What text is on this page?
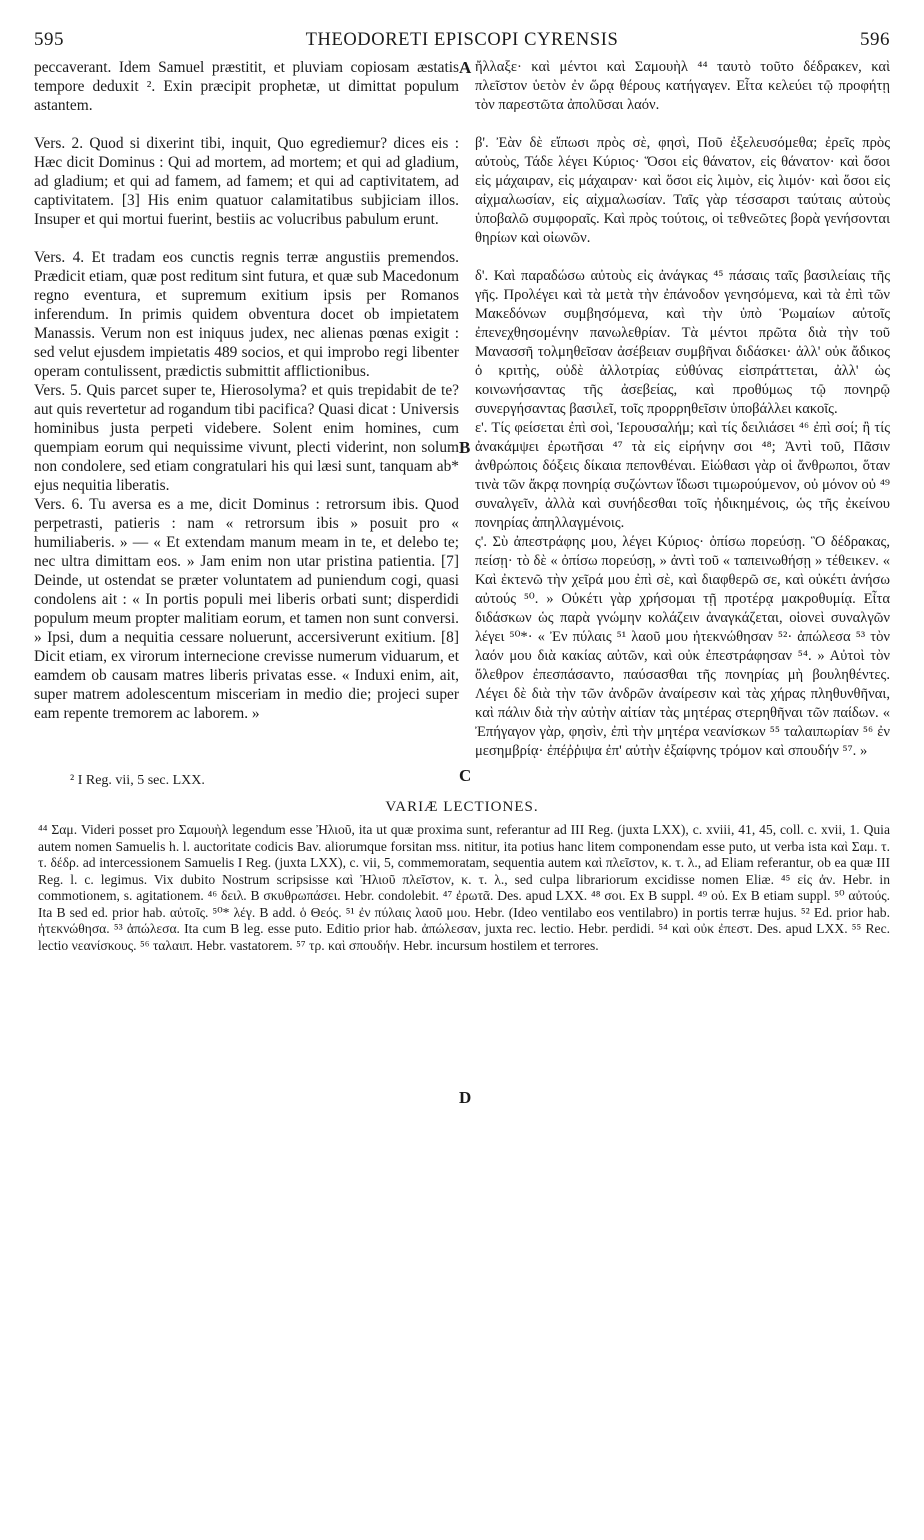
595	THEODORETI EPISCOPI CYRENSIS	596
peccaverant. Idem Samuel præstitit, et pluviam copiosam æstatis tempore deduxit ². Exin præcipit prophetæ, ut dimittat populum astantem.
Vers. 2. Quod si dixerint tibi, inquit, Quo egrediemur? dices eis : Hæc dicit Dominus : Qui ad mortem, ad mortem; et qui ad gladium, ad gladium; et qui ad famem, ad famem; et qui ad captivitatem, ad captivitatem. [3] His enim quatuor calamitatibus subjiciam illos. Insuper et qui mortui fuerint, bestiis ac volucribus pabulum erunt.
Vers. 4. Et tradam eos cunctis regnis terræ angustiis premendos. Prædicit etiam, quæ post reditum sint futura, et quæ sub Macedonum regno eventura, et supremum exitium ipsis per Romanos inferendum. In primis quidem obventura docet ob impietatem Manassis. Verum non est iniquus judex, nec alienas pœnas exigit : sed velut ejusdem impietatis 489 socios, et qui improbo regi libenter operam contulissent, prædictis submittit afflictionibus.
Vers. 5. Quis parcet super te, Hierosolyma? et quis trepidabit de te? aut quis revertetur ad rogandum tibi pacifica? Quasi dicat : Universis hominibus justa perpeti videbere. Solent enim homines, cum quempiam eorum qui nequissime vivunt, plecti viderint, non solum non condolere, sed etiam congratulari his qui læsi sunt, tanquam ab* ejus nequitia liberatis.
Vers. 6. Tu aversa es a me, dicit Dominus : retrorsum ibis. Quod perpetrasti, patieris : nam « retrorsum ibis » posuit pro « humiliaberis. » — « Et extendam manum meam in te, et delebo te; nec ultra dimittam eos. » Jam enim non utar pristina patientia. [7] Deinde, ut ostendat se præter voluntatem ad puniendum cogi, quasi condolens ait : « In portis populi mei liberis orbati sunt; disperdidi populum meum propter malitiam eorum, et tamen non sunt conversi. » Ipsi, dum a nequitia cessare noluerunt, accersiverunt exitium. [8] Dicit etiam, ex virorum internecione crevisse numerum viduarum, et eamdem ob causam matres liberis privatas esse. « Induxi enim, ait, super matrem adolescentum misceriam in medio die; projeci super eam repente tremorem ac laborem. »
A
B
C
D
ἤλλαξε· καὶ μέντοι καὶ Σαμουὴλ ⁴⁴ ταυτὸ τοῦτο δέδρακεν, καὶ πλεῖστον ὑετὸν ἐν ὥρᾳ θέρους κατήγαγεν. Εἶτα κελεύει τῷ προφήτῃ τὸν παρεστῶτα ἀπολῦσαι λαόν.
β'. Ἐὰν δὲ εἴπωσι πρὸς σὲ, φησὶ, Ποῦ ἐξελευσόμεθα; ἐρεῖς πρὸς αὐτοὺς, Τάδε λέγει Κύριος· Ὅσοι εἰς θάνατον, εἰς θάνατον· καὶ ὅσοι εἰς μάχαιραν, εἰς μάχαιραν· καὶ ὅσοι εἰς λιμὸν, εἰς λιμόν· καὶ ὅσοι εἰς αἰχμαλωσίαν, εἰς αἰχμαλωσίαν. Ταῖς γὰρ τέσσαρσι ταύταις αὐτοὺς ὑποβαλῶ συμφοραῖς. Καὶ πρὸς τούτοις, οἱ τεθνεῶτες βορὰ γενήσονται θηρίων καὶ οἰωνῶν.
δ'. Καὶ παραδώσω αὐτοὺς εἰς ἀνάγκας ⁴⁵ πάσαις ταῖς βασιλείαις τῆς γῆς. Προλέγει καὶ τὰ μετὰ τὴν ἐπάνοδον γενησόμενα, καὶ τὰ ἐπὶ τῶν Μακεδόνων συμβησόμενα, καὶ τὴν ὑπὸ Ῥωμαίων αὐτοῖς ἐπενεχθησομένην πανωλεθρίαν. Τὰ μέντοι πρῶτα διὰ τὴν τοῦ Μανασσῆ τολμηθεῖσαν ἀσέβειαν συμβῆναι διδάσκει· ἀλλ' οὐκ ἄδικος ὁ κριτὴς, οὐδὲ ἀλλοτρίας εὐθύνας εἰσπράττεται, ἀλλ' ὡς κοινωνήσαντας τῆς ἀσεβείας, καὶ προθύμως τῷ πονηρῷ συνεργήσαντας βασιλεῖ, τοῖς προρρηθεῖσιν ὑποβάλλει κακοῖς.
ε'. Τίς φείσεται ἐπὶ σοὶ, Ἱερουσαλήμ; καὶ τίς δειλιάσει ⁴⁶ ἐπὶ σοί; ἢ τίς ἀνακάμψει ἐρωτῆσαι ⁴⁷ τὰ εἰς εἰρήνην σοι ⁴⁸; Ἀντὶ τοῦ, Πᾶσιν ἀνθρώποις δόξεις δίκαια πεπονθέναι. Εἰώθασι γὰρ οἱ ἄνθρωποι, ὅταν τινὰ τῶν ἄκρᾳ πονηρίᾳ συζώντων ἴδωσι τιμωρούμενον, οὐ μόνον οὐ ⁴⁹ συναλγεῖν, ἀλλὰ καὶ συνήδεσθαι τοῖς ἠδικημένοις, ὡς τῆς ἐκείνου πονηρίας ἀπηλλαγμένοις.
ς'. Σὺ ἀπεστράφης μου, λέγει Κύριος· ὀπίσω πορεύσῃ. Ὃ δέδρακας, πείσῃ· τὸ δὲ « ὀπίσω πορεύσῃ, » ἀντὶ τοῦ « ταπεινωθήσῃ » τέθεικεν. « Καὶ ἐκτενῶ τὴν χεῖρά μου ἐπὶ σὲ, καὶ διαφθερῶ σε, καὶ οὐκέτι ἀνήσω αὐτούς ⁵⁰. » Οὐκέτι γὰρ χρήσομαι τῇ προτέρᾳ μακροθυμίᾳ. Εἶτα διδάσκων ὡς παρὰ γνώμην κολάζειν ἀναγκάζεται, οἱονεὶ συναλγῶν λέγει ⁵⁰*· « Ἐν πύλαις ⁵¹ λαοῦ μου ἠτεκνώθησαν ⁵²· ἀπώλεσα ⁵³ τὸν λαόν μου διὰ κακίας αὐτῶν, καὶ οὐκ ἐπεστράφησαν ⁵⁴. » Αὐτοὶ τὸν ὄλεθρον ἐπεσπάσαντο, παύσασθαι τῆς πονηρίας μὴ βουληθέντες. Λέγει δὲ διὰ τὴν τῶν ἀνδρῶν ἀναίρεσιν καὶ τὰς χήρας πληθυνθῆναι, καὶ πάλιν διὰ τὴν αὐτὴν αἰτίαν τὰς μητέρας στερηθῆναι τῶν παίδων. « Ἐπήγαγον γὰρ, φησὶν, ἐπὶ τὴν μητέρα νεανίσκων ⁵⁵ ταλαιπωρίαν ⁵⁶ ἐν μεσημβρίᾳ· ἐπέῤῥιψα ἐπ' αὐτὴν ἐξαίφνης τρόμον καὶ σπουδήν ⁵⁷. »
² I Reg. vii, 5 sec. LXX.
VARIÆ LECTIONES.
⁴⁴ Σαμ. Videri posset pro Σαμουὴλ legendum esse Ἠλιοῦ, ita ut quæ proxima sunt, referantur ad III Reg. (juxta LXX), c. xviii, 41, 45, coll. c. xvii, 1. Quia autem nomen Samuelis h. l. auctoritate codicis Bav. aliorumque forsitan mss. nititur, ita potius hanc litem componendam esse puto, ut verba ista καὶ Σαμ. τ. τ. δέδρ. ad intercessionem Samuelis I Reg. (juxta LXX), c. vii, 5, commemoratam, sequentia autem καὶ πλεῖστον, κ. τ. λ., ad Eliam referantur, ob ea quæ III Reg. l. c. legimus. Vix dubito Nostrum scripsisse καὶ Ἠλιοῦ πλεῖστον, κ. τ. λ., sed culpa librariorum excidisse nomen Eliæ. ⁴⁵ εἰς ἀν. Hebr. in commotionem, s. agitationem. ⁴⁶ δειλ. B σκυθρωπάσει. Hebr. condolebit. ⁴⁷ ἐρωτᾶ. Des. apud LXX. ⁴⁸ σοι. Ex B suppl. ⁴⁹ οὐ. Ex B etiam suppl. ⁵⁰ αὐτούς. Ita B sed ed. prior hab. αὐτοῖς. ⁵⁰* λέγ. B add. ὁ Θεός. ⁵¹ ἐν πύλαις λαοῦ μου. Hebr. (Ideo ventilabo eos ventilabro) in portis terræ hujus. ⁵² Ed. prior hab. ἠτεκνώθησα. ⁵³ ἀπώλεσα. Ita cum B leg. esse puto. Editio prior hab. ἀπώλεσαν, juxta rec. lectio. Hebr. perdidi. ⁵⁴ καὶ οὐκ ἐπεστ. Des. apud LXX. ⁵⁵ Rec. lectio νεανίσκους. ⁵⁶ ταλαιπ. Hebr. vastatorem. ⁵⁷ τρ. καὶ σπουδήν. Hebr. incursum hostilem et terrores.
